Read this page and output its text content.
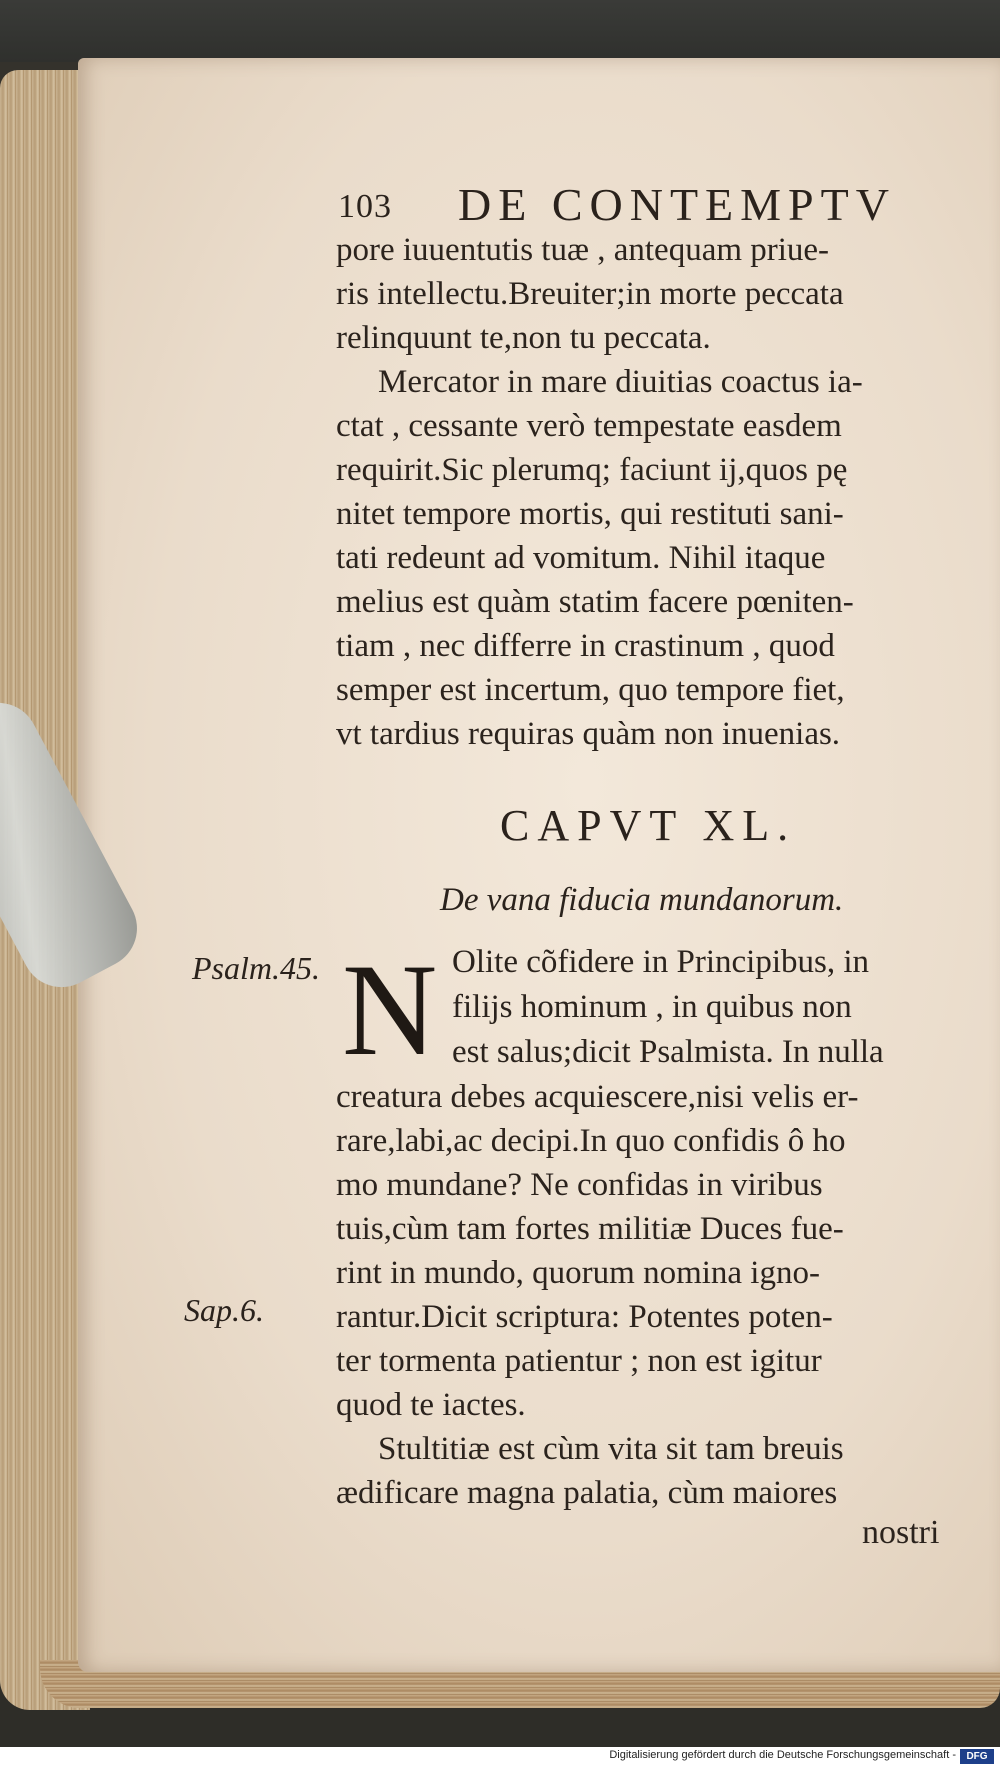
103 DE CONTEMPTV
pore iuuentutis tuæ , antequam priue-
ris intellectu.Breuiter;in morte peccata
relinquunt te,non tu peccata.
Mercator in mare diuitias coactus ia-
ctat , cessante verò tempestate easdem
requirit.Sic plerumq; faciunt ij,quos pę
nitet tempore mortis, qui restituti sani-
tati redeunt ad vomitum. Nihil itaque
melius est quàm statim facere pœniten-
tiam , nec differre in crastinum , quod
semper est incertum, quo tempore fiet,
vt tardius requiras quàm non inuenias.
CAPVT XL.
De vana fiducia mundanorum.
Psalm.45.
Sap.6.
N Olite cõfidere in Principibus, in
filijs hominum , in quibus non
est salus;dicit Psalmista. In nulla
creatura debes acquiescere,nisi velis er-
rare,labi,ac decipi.In quo confidis ô ho
mo mundane? Ne confidas in viribus
tuis,cùm tam fortes militiæ Duces fue-
rint in mundo, quorum nomina igno-
rantur.Dicit scriptura: Potentes poten-
ter tormenta patientur ; non est igitur
quod te iactes.
Stultitiæ est cùm vita sit tam breuis
ædificare magna palatia, cùm maiores
nostri
Digitalisierung gefördert durch die Deutsche Forschungsgemeinschaft -	DFG
